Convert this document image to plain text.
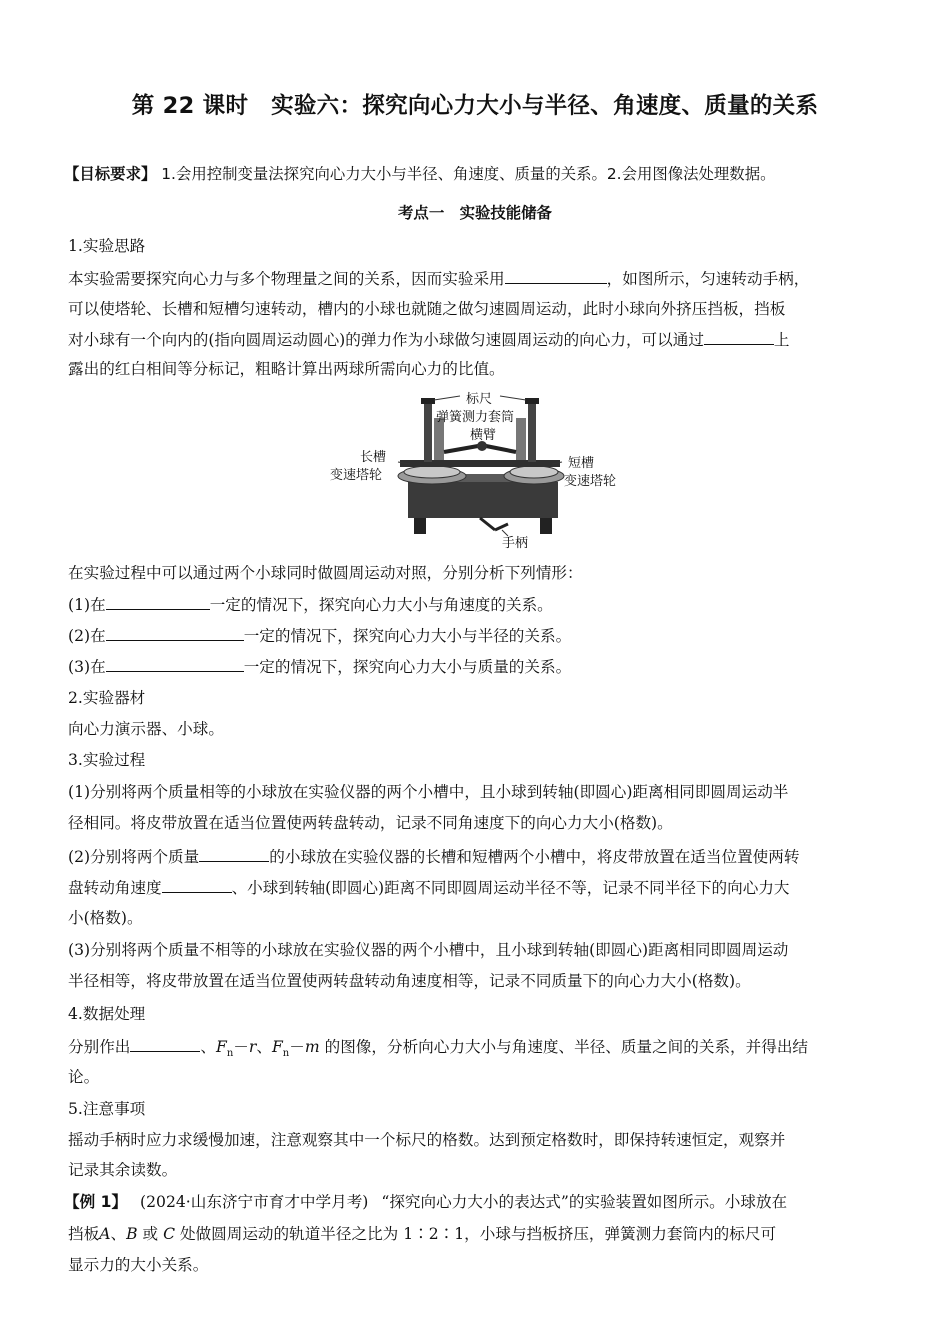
第 22 课时　实验六：探究向心力大小与半径、角速度、质量的关系
【目标要求】 1.会用控制变量法探究向心力大小与半径、角速度、质量的关系。2.会用图像法处理数据。
考点一　实验技能储备
1.实验思路
本实验需要探究向心力与多个物理量之间的关系，因而实验采用	，如图所示，匀速转动手柄，
可以使塔轮、长槽和短槽匀速转动，槽内的小球也就随之做匀速圆周运动，此时小球向外挤压挡板，挡板
对小球有一个向内的(指向圆周运动圆心)的弹力作为小球做匀速圆周运动的向心力，可以通过	上
露出的红白相间等分标记，粗略计算出两球所需向心力的比值。
标尺
弹簧测力套筒
横臂
长槽
变速塔轮
短槽
变速塔轮
手柄
在实验过程中可以通过两个小球同时做圆周运动对照，分别分析下列情形：
(1)在	一定的情况下，探究向心力大小与角速度的关系。
(2)在	一定的情况下，探究向心力大小与半径的关系。
(3)在	一定的情况下，探究向心力大小与质量的关系。
2.实验器材
向心力演示器、小球。
3.实验过程
(1)分别将两个质量相等的小球放在实验仪器的两个小槽中，且小球到转轴(即圆心)距离相同即圆周运动半
径相同。将皮带放置在适当位置使两转盘转动，记录不同角速度下的向心力大小(格数)。
(2)分别将两个质量	的小球放在实验仪器的长槽和短槽两个小槽中，将皮带放置在适当位置使两转
盘转动角速度	、小球到转轴(即圆心)距离不同即圆周运动半径不等，记录不同半径下的向心力大
小(格数)。
(3)分别将两个质量不相等的小球放在实验仪器的两个小槽中，且小球到转轴(即圆心)距离相同即圆周运动
半径相等，将皮带放置在适当位置使两转盘转动角速度相等，记录不同质量下的向心力大小(格数)。
4.数据处理
分别作出	、$F_n-r$、$F_n-m$ 的图像，分析向心力大小与角速度、半径、质量之间的关系，并得出结
论。
5.注意事项
摇动手柄时应力求缓慢加速，注意观察其中一个标尺的格数。达到预定格数时，即保持转速恒定，观察并
记录其余读数。
【例 1】 (2024·山东济宁市育才中学月考) “探究向心力大小的表达式”的实验装置如图所示。小球放在
挡板A、B 或 C 处做圆周运动的轨道半径之比为 1∶2∶1，小球与挡板挤压，弹簧测力套筒内的标尺可
显示力的大小关系。
